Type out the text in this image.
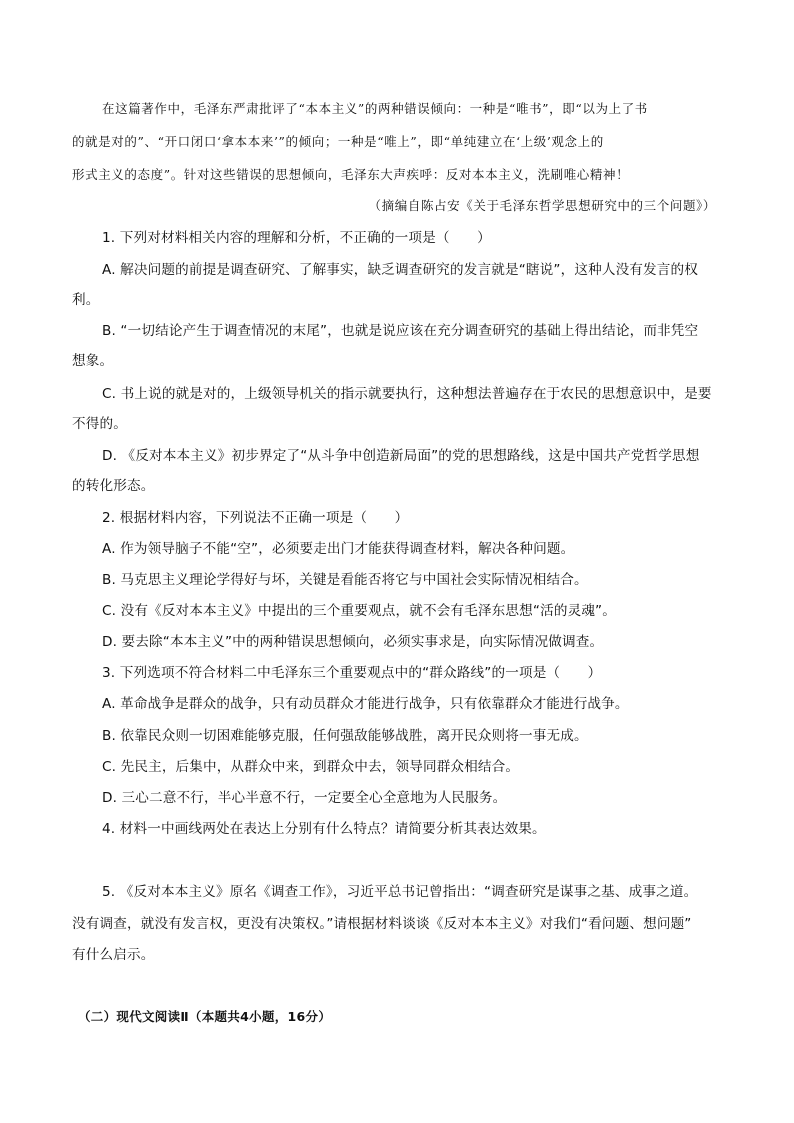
在这篇著作中，毛泽东严肃批评了“本本主义”的两种错误倾向：一种是“唯书”，即“以为上了书
的就是对的”、“开口闭口‘拿本本来’”的倾向；一种是“唯上”，即“单纯建立在‘上级’观念上的
形式主义的态度”。针对这些错误的思想倾向，毛泽东大声疾呼：反对本本主义，洗刷唯心精神！
（摘编自陈占安《关于毛泽东哲学思想研究中的三个问题》）
1. 下列对材料相关内容的理解和分析，不正确的一项是（　　）
A. 解决问题的前提是调查研究、了解事实，缺乏调查研究的发言就是“瞎说”，这种人没有发言的权
利。
B. “一切结论产生于调查情况的末尾”，也就是说应该在充分调查研究的基础上得出结论，而非凭空
想象。
C. 书上说的就是对的，上级领导机关的指示就要执行，这种想法普遍存在于农民的思想意识中，是要
不得的。
D. 《反对本本主义》初步界定了“从斗争中创造新局面”的党的思想路线，这是中国共产党哲学思想
的转化形态。
2. 根据材料内容，下列说法不正确一项是（　　）
A. 作为领导脑子不能“空”，必须要走出门才能获得调查材料，解决各种问题。
B. 马克思主义理论学得好与坏，关键是看能否将它与中国社会实际情况相结合。
C. 没有《反对本本主义》中提出的三个重要观点，就不会有毛泽东思想“活的灵魂”。
D. 要去除“本本主义”中的两种错误思想倾向，必须实事求是，向实际情况做调查。
3. 下列选项不符合材料二中毛泽东三个重要观点中的“群众路线”的一项是（　　）
A. 革命战争是群众的战争，只有动员群众才能进行战争，只有依靠群众才能进行战争。
B. 依靠民众则一切困难能够克服，任何强敌能够战胜，离开民众则将一事无成。
C. 先民主，后集中，从群众中来，到群众中去，领导同群众相结合。
D. 三心二意不行，半心半意不行，一定要全心全意地为人民服务。
4. 材料一中画线两处在表达上分别有什么特点？请简要分析其表达效果。
5. 《反对本本主义》原名《调查工作》，习近平总书记曾指出：“调查研究是谋事之基、成事之道。
没有调查，就没有发言权，更没有决策权。”请根据材料谈谈《反对本本主义》对我们“看问题、想问题”
有什么启示。
（二）现代文阅读Ⅱ（本题共4小题，16分）
